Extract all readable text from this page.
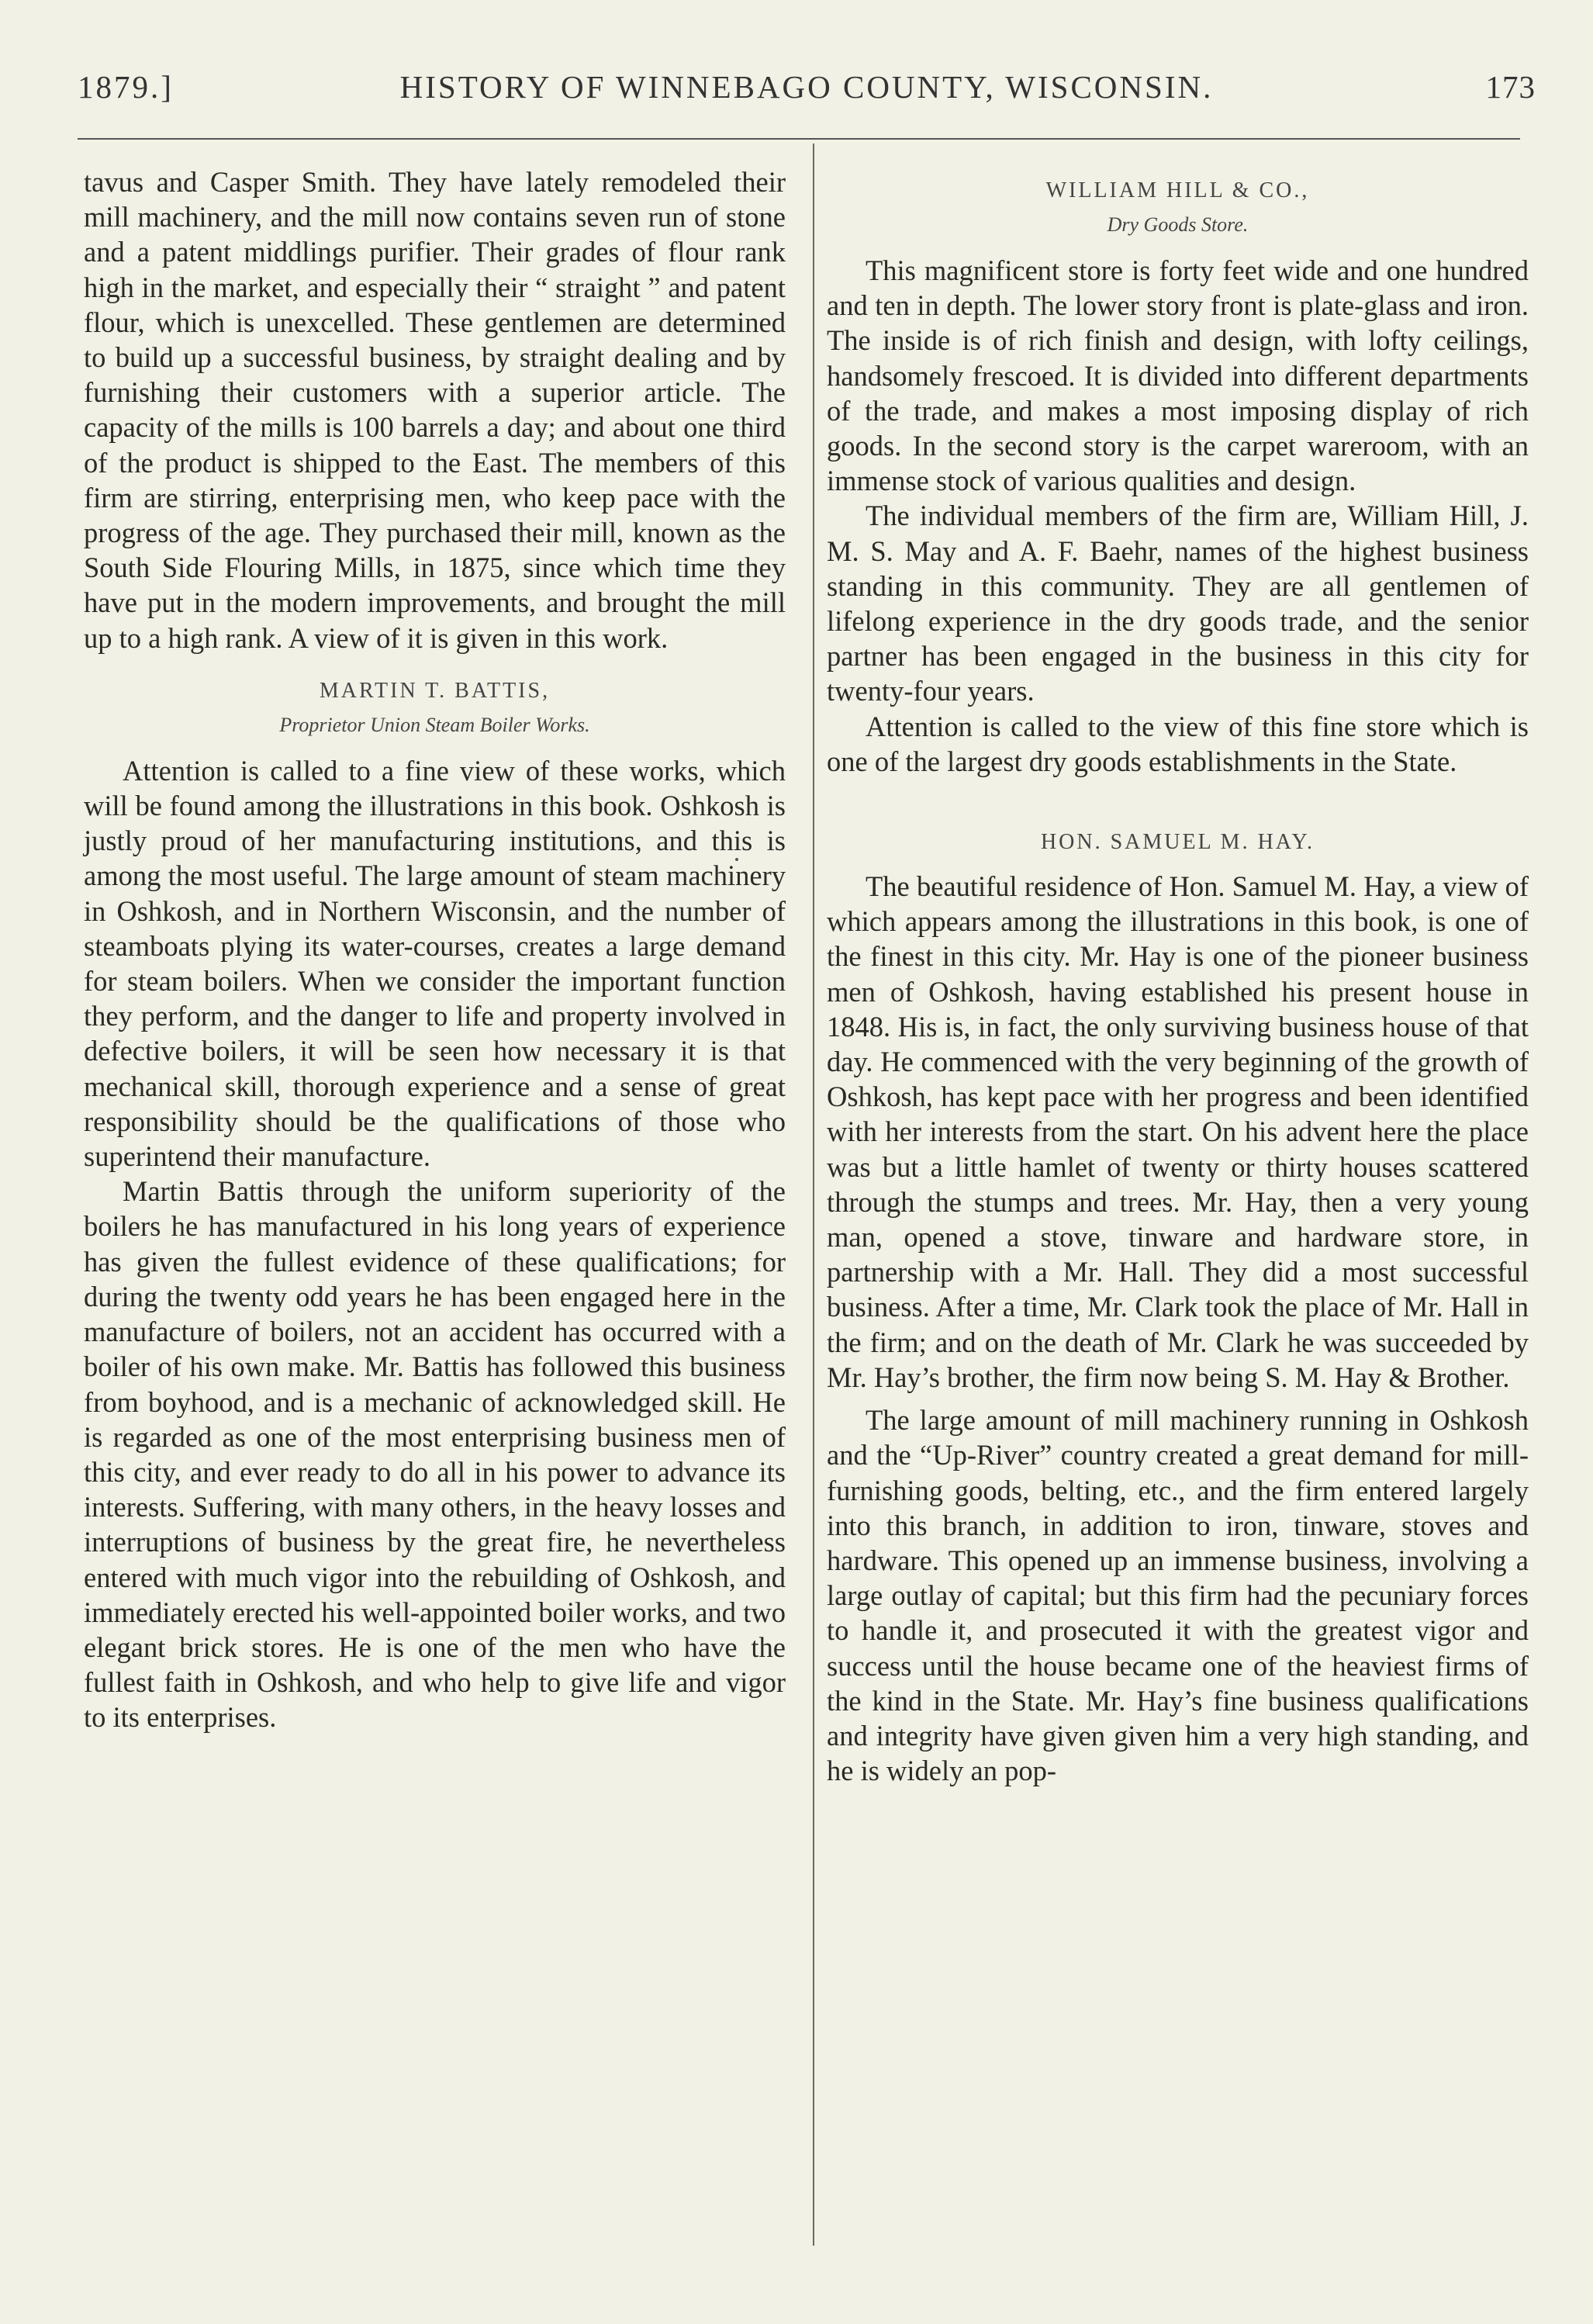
1879.]	HISTORY OF WINNEBAGO COUNTY, WISCONSIN.	173

tavus and Casper Smith. They have lately remodeled their mill machinery, and the mill now contains seven run of stone and a patent middlings purifier. Their grades of flour rank high in the market, and especially their “ straight ” and patent flour, which is unexcelled. These gentlemen are determined to build up a successful business, by straight dealing and by furnishing their customers with a superior article. The capacity of the mills is 100 barrels a day; and about one third of the product is shipped to the East. The members of this firm are stirring, enterprising men, who keep pace with the progress of the age. They purchased their mill, known as the South Side Flouring Mills, in 1875, since which time they have put in the modern improvements, and brought the mill up to a high rank. A view of it is given in this work.

MARTIN T. BATTIS,
Proprietor Union Steam Boiler Works.

Attention is called to a fine view of these works, which will be found among the illustrations in this book. Oshkosh is justly proud of her manufacturing institutions, and this is among the most useful. The large amount of steam machinery in Oshkosh, and in Northern Wisconsin, and the number of steamboats plying its water-courses, creates a large demand for steam boilers. When we consider the important function they perform, and the danger to life and property involved in defective boilers, it will be seen how necessary it is that mechanical skill, thorough experience and a sense of great responsibility should be the qualifications of those who superintend their manufacture.

Martin Battis through the uniform superiority of the boilers he has manufactured in his long years of experience has given the fullest evidence of these qualifications; for during the twenty odd years he has been engaged here in the manufacture of boilers, not an accident has occurred with a boiler of his own make. Mr. Battis has followed this business from boyhood, and is a mechanic of acknowledged skill. He is regarded as one of the most enterprising business men of this city, and ever ready to do all in his power to advance its interests. Suffering, with many others, in the heavy losses and interruptions of business by the great fire, he nevertheless entered with much vigor into the rebuilding of Oshkosh, and immediately erected his well-appointed boiler works, and two elegant brick stores. He is one of the men who have the fullest faith in Oshkosh, and who help to give life and vigor to its enterprises.

WILLIAM HILL & CO.,
Dry Goods Store.

This magnificent store is forty feet wide and one hundred and ten in depth. The lower story front is plate-glass and iron. The inside is of rich finish and design, with lofty ceilings, handsomely frescoed. It is divided into different departments of the trade, and makes a most imposing display of rich goods. In the second story is the carpet wareroom, with an immense stock of various qualities and design.

The individual members of the firm are, William Hill, J. M. S. May and A. F. Baehr, names of the highest business standing in this community. They are all gentlemen of lifelong experience in the dry goods trade, and the senior partner has been engaged in the business in this city for twenty-four years.

Attention is called to the view of this fine store which is one of the largest dry goods establishments in the State.

HON. SAMUEL M. HAY.

The beautiful residence of Hon. Samuel M. Hay, a view of which appears among the illustrations in this book, is one of the finest in this city. Mr. Hay is one of the pioneer business men of Oshkosh, having established his present house in 1848. His is, in fact, the only surviving business house of that day. He commenced with the very beginning of the growth of Oshkosh, has kept pace with her progress and been identified with her interests from the start. On his advent here the place was but a little hamlet of twenty or thirty houses scattered through the stumps and trees. Mr. Hay, then a very young man, opened a stove, tinware and hardware store, in partnership with a Mr. Hall. They did a most successful business. After a time, Mr. Clark took the place of Mr. Hall in the firm; and on the death of Mr. Clark he was succeeded by Mr. Hay’s brother, the firm now being S. M. Hay & Brother.

The large amount of mill machinery running in Oshkosh and the “Up-River” country created a great demand for mill-furnishing goods, belting, etc., and the firm entered largely into this branch, in addition to iron, tinware, stoves and hardware. This opened up an immense business, involving a large outlay of capital; but this firm had the pecuniary forces to handle it, and prosecuted it with the greatest vigor and success until the house became one of the heaviest firms of the kind in the State. Mr. Hay’s fine business qualifications and integrity have given given him a very high standing, and he is widely an pop-
